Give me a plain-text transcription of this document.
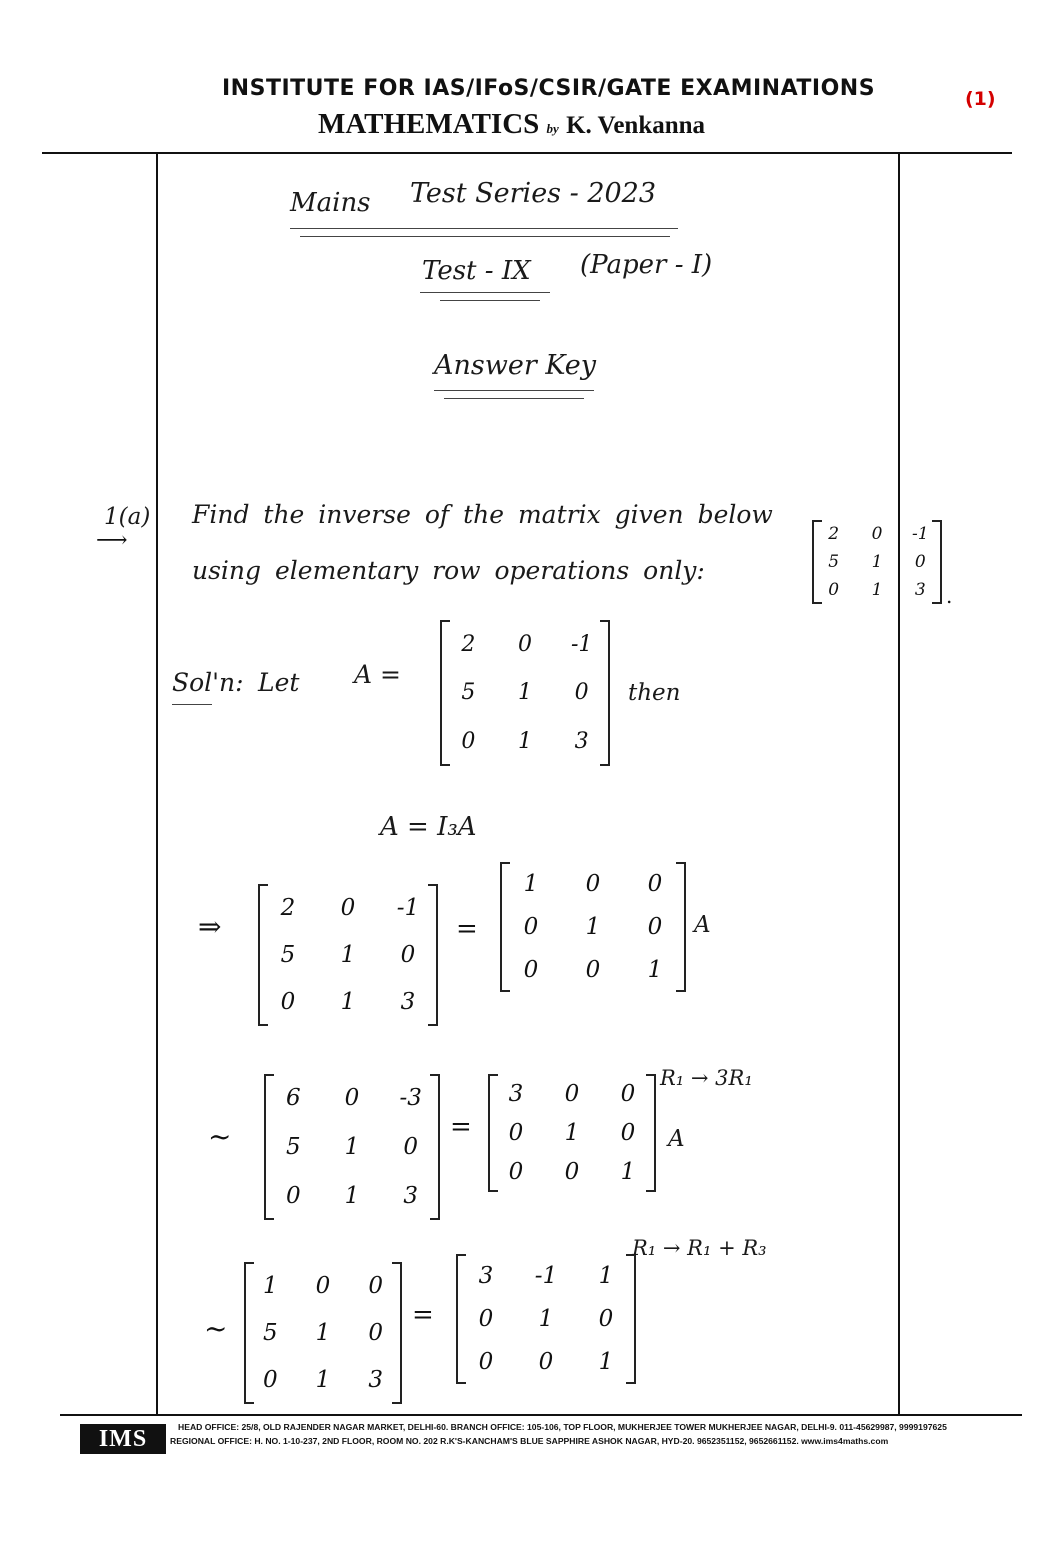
INSTITUTE FOR IAS/IFoS/CSIR/GATE EXAMINATIONS
MATHEMATICS by K. Venkanna
(1)
Mains Test Series - 2023
Test - IX (Paper - I)
Answer Key
1(a)
⟶
Find the inverse of the matrix given below
using elementary row operations only:
2	0	-1
5	1	0
0	1	3	.
Sol'n: Let A =
2	0	-1
5	1	0
0	1	3
then
A = I₃A
⇒
2	0	-1
5	1	0
0	1	3
=
1	0	0
0	1	0
0	0	1
A
~
6	0	-3
5	1	0
0	1	3
=
3	0	0
0	1	0
0	0	1
A
R₁ → 3R₁
~
1	0	0
5	1	0
0	1	3
=
3	-1	1
0	1	0
0	0	1
R₁ → R₁ + R₃
IMS	HEAD OFFICE: 25/8, OLD RAJENDER NAGAR MARKET, DELHI-60. BRANCH OFFICE: 105-106, TOP FLOOR, MUKHERJEE TOWER MUKHERJEE NAGAR, DELHI-9. 011-45629987, 9999197625
REGIONAL OFFICE: H. NO. 1-10-237, 2ND FLOOR, ROOM NO. 202 R.K'S-KANCHAM'S BLUE SAPPHIRE ASHOK NAGAR, HYD-20. 9652351152, 9652661152. www.ims4maths.com
